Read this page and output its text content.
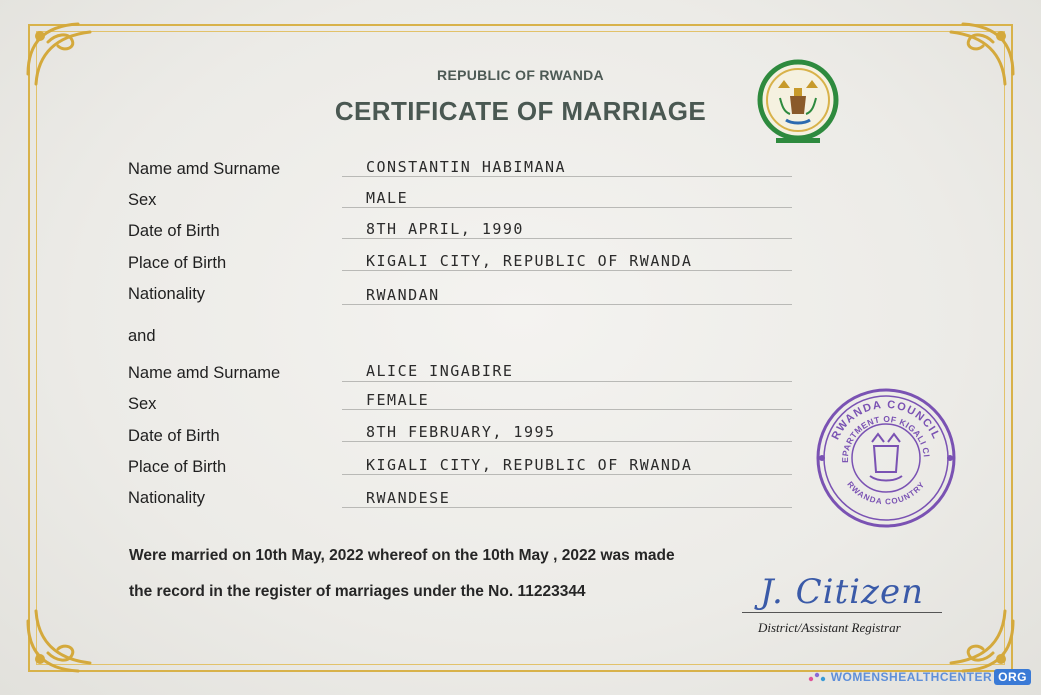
REPUBLIC OF RWANDA
CERTIFICATE OF MARRIAGE
Name amd Surname	CONSTANTIN HABIMANA
Sex	MALE
Date of Birth	8TH APRIL, 1990
Place of Birth	KIGALI CITY, REPUBLIC OF RWANDA
Nationality	RWANDAN
and
Name amd Surname	ALICE INGABIRE
Sex	FEMALE
Date of Birth	8TH FEBRUARY, 1995
Place of Birth	KIGALI CITY, REPUBLIC OF RWANDA
Nationality	RWANDESE
Were married on 10th May, 2022 whereof on the 10th May , 2022 was made
the record in the register of marriages under the No. 11223344
RWANDA COUNCIL
EPARTMENT OF KIGALI CI
RWANDA COUNTRY
J. Citizen
District/Assistant Registrar
WOMENSHEALTHCENTER ORG
